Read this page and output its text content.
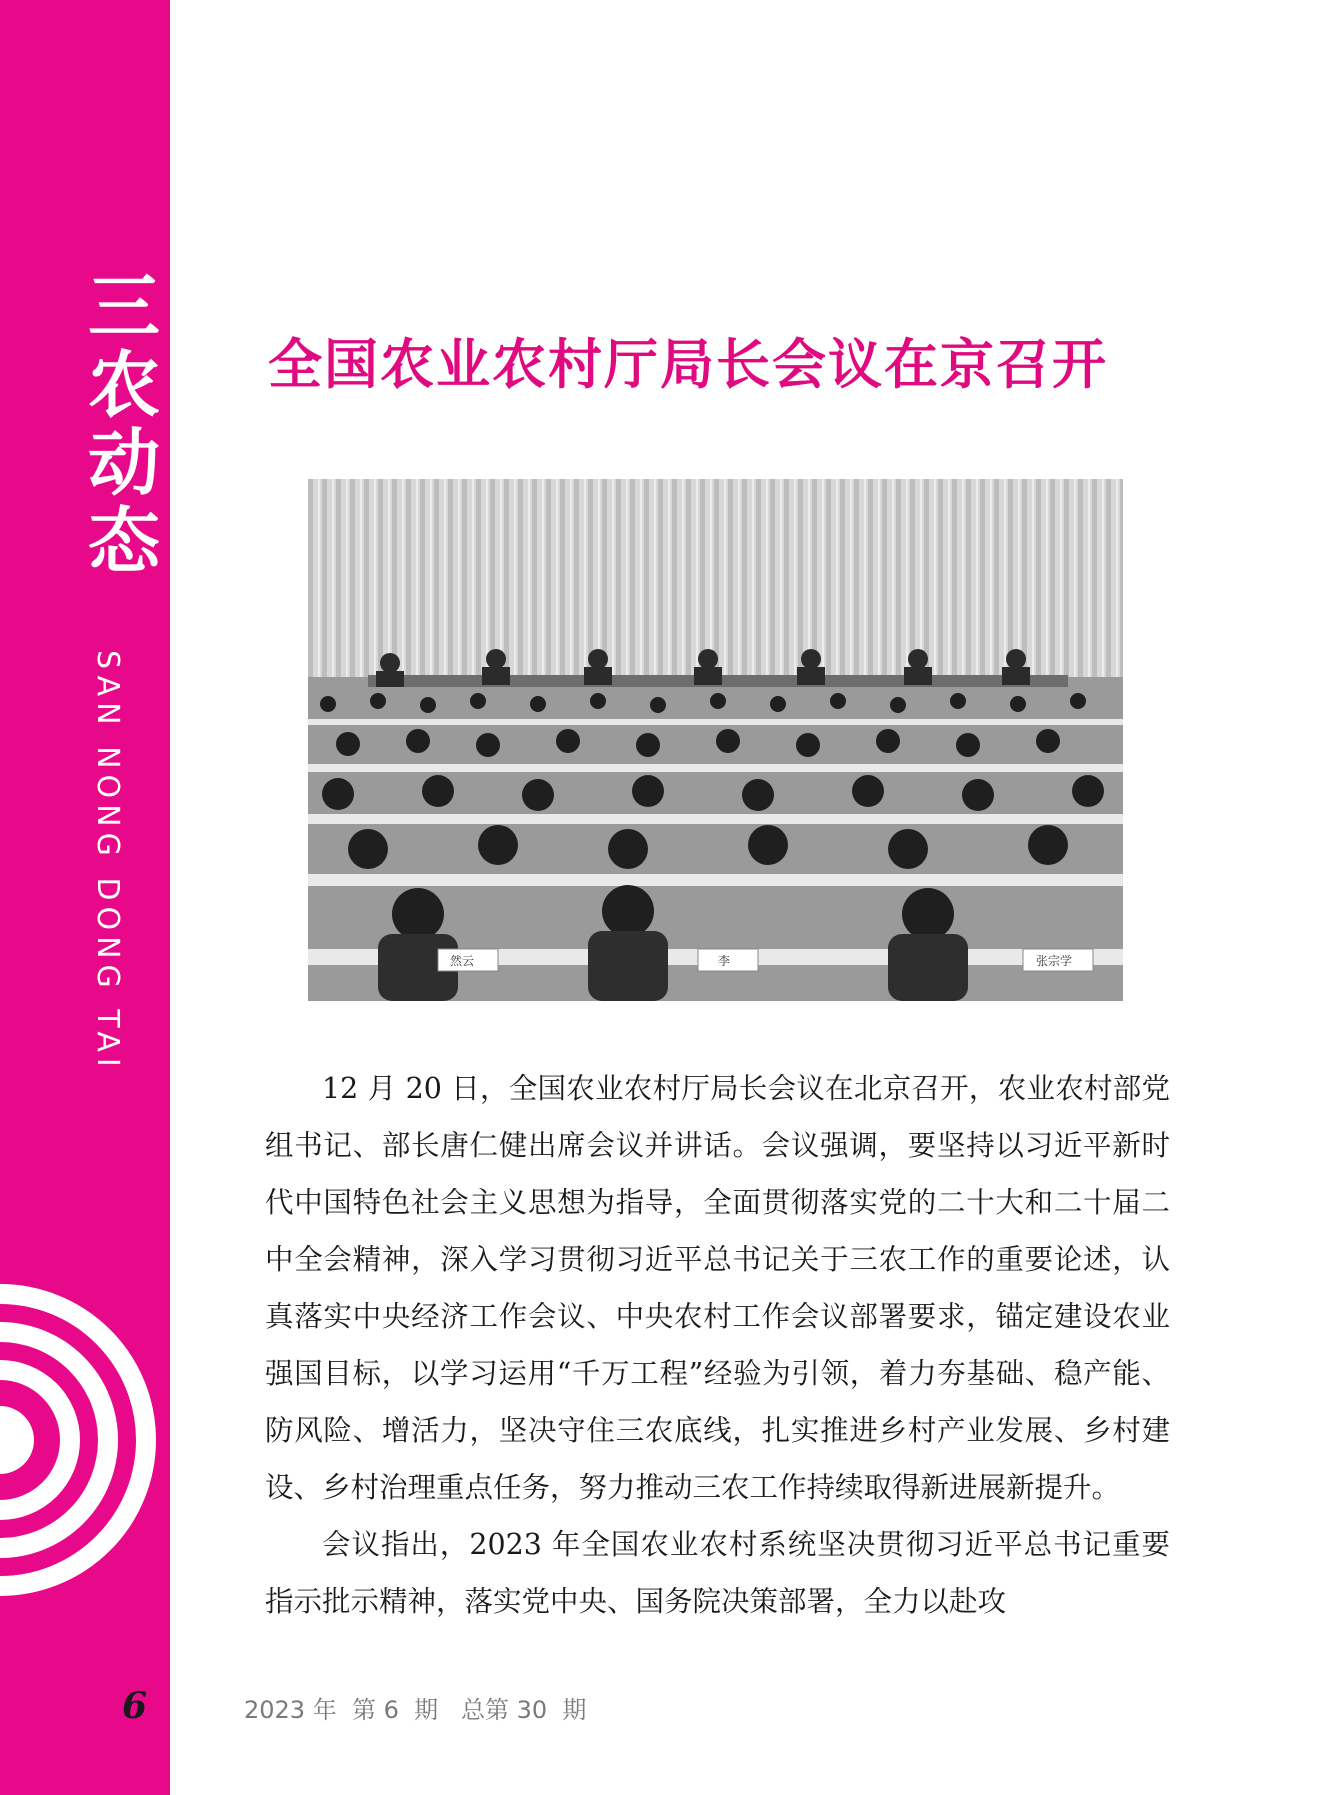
三
农
动
态
SAN NONG DONG TAI
6
全国农业农村厅局长会议在京召开
然云	李	张宗学

12 月 20 日，全国农业农村厅局长会议在北京召开，农业农村部党组书记、部长唐仁健出席会议并讲话。会议强调，要坚持以习近平新时代中国特色社会主义思想为指导，全面贯彻落实党的二十大和二十届二中全会精神，深入学习贯彻习近平总书记关于三农工作的重要论述，认真落实中央经济工作会议、中央农村工作会议部署要求，锚定建设农业强国目标，以学习运用“千万工程”经验为引领，着力夯基础、稳产能、防风险、增活力，坚决守住三农底线，扎实推进乡村产业发展、乡村建设、乡村治理重点任务，努力推动三农工作持续取得新进展新提升。

会议指出，2023 年全国农业农村系统坚决贯彻习近平总书记重要指示批示精神，落实党中央、国务院决策部署，全力以赴攻

2023 年  第 6  期   总第 30  期
